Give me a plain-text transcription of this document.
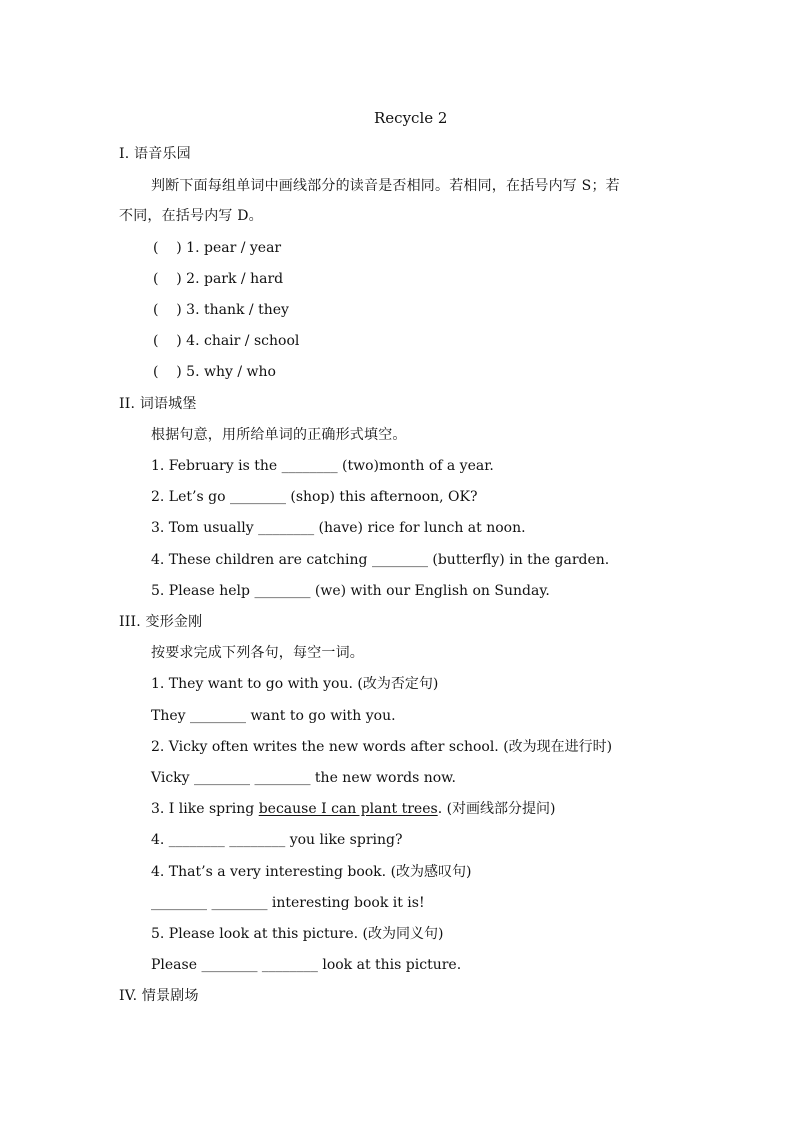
Recycle 2
I. 语音乐园
判断下面每组单词中画线部分的读音是否相同。若相同，在括号内写 S；若
不同，在括号内写 D。
(    ) 1. pear / year
(    ) 2. park / hard
(    ) 3. thank / they
(    ) 4. chair / school
(    ) 5. why / who
II. 词语城堡
根据句意，用所给单词的正确形式填空。
1. February is the ________ (two)month of a year.
2. Let’s go ________ (shop) this afternoon, OK?
3. Tom usually ________ (have) rice for lunch at noon.
4. These children are catching ________ (butterfly) in the garden.
5. Please help ________ (we) with our English on Sunday.
III. 变形金刚
按要求完成下列各句，每空一词。
1. They want to go with you. (改为否定句)
They ________ want to go with you.
2. Vicky often writes the new words after school. (改为现在进行时)
Vicky ________ ________ the new words now.
3. I like spring because I can plant trees. (对画线部分提问)
4. ________ ________ you like spring?
4. That’s a very interesting book. (改为感叹句)
________ ________ interesting book it is!
5. Please look at this picture. (改为同义句)
Please ________ ________ look at this picture.
IV. 情景剧场
